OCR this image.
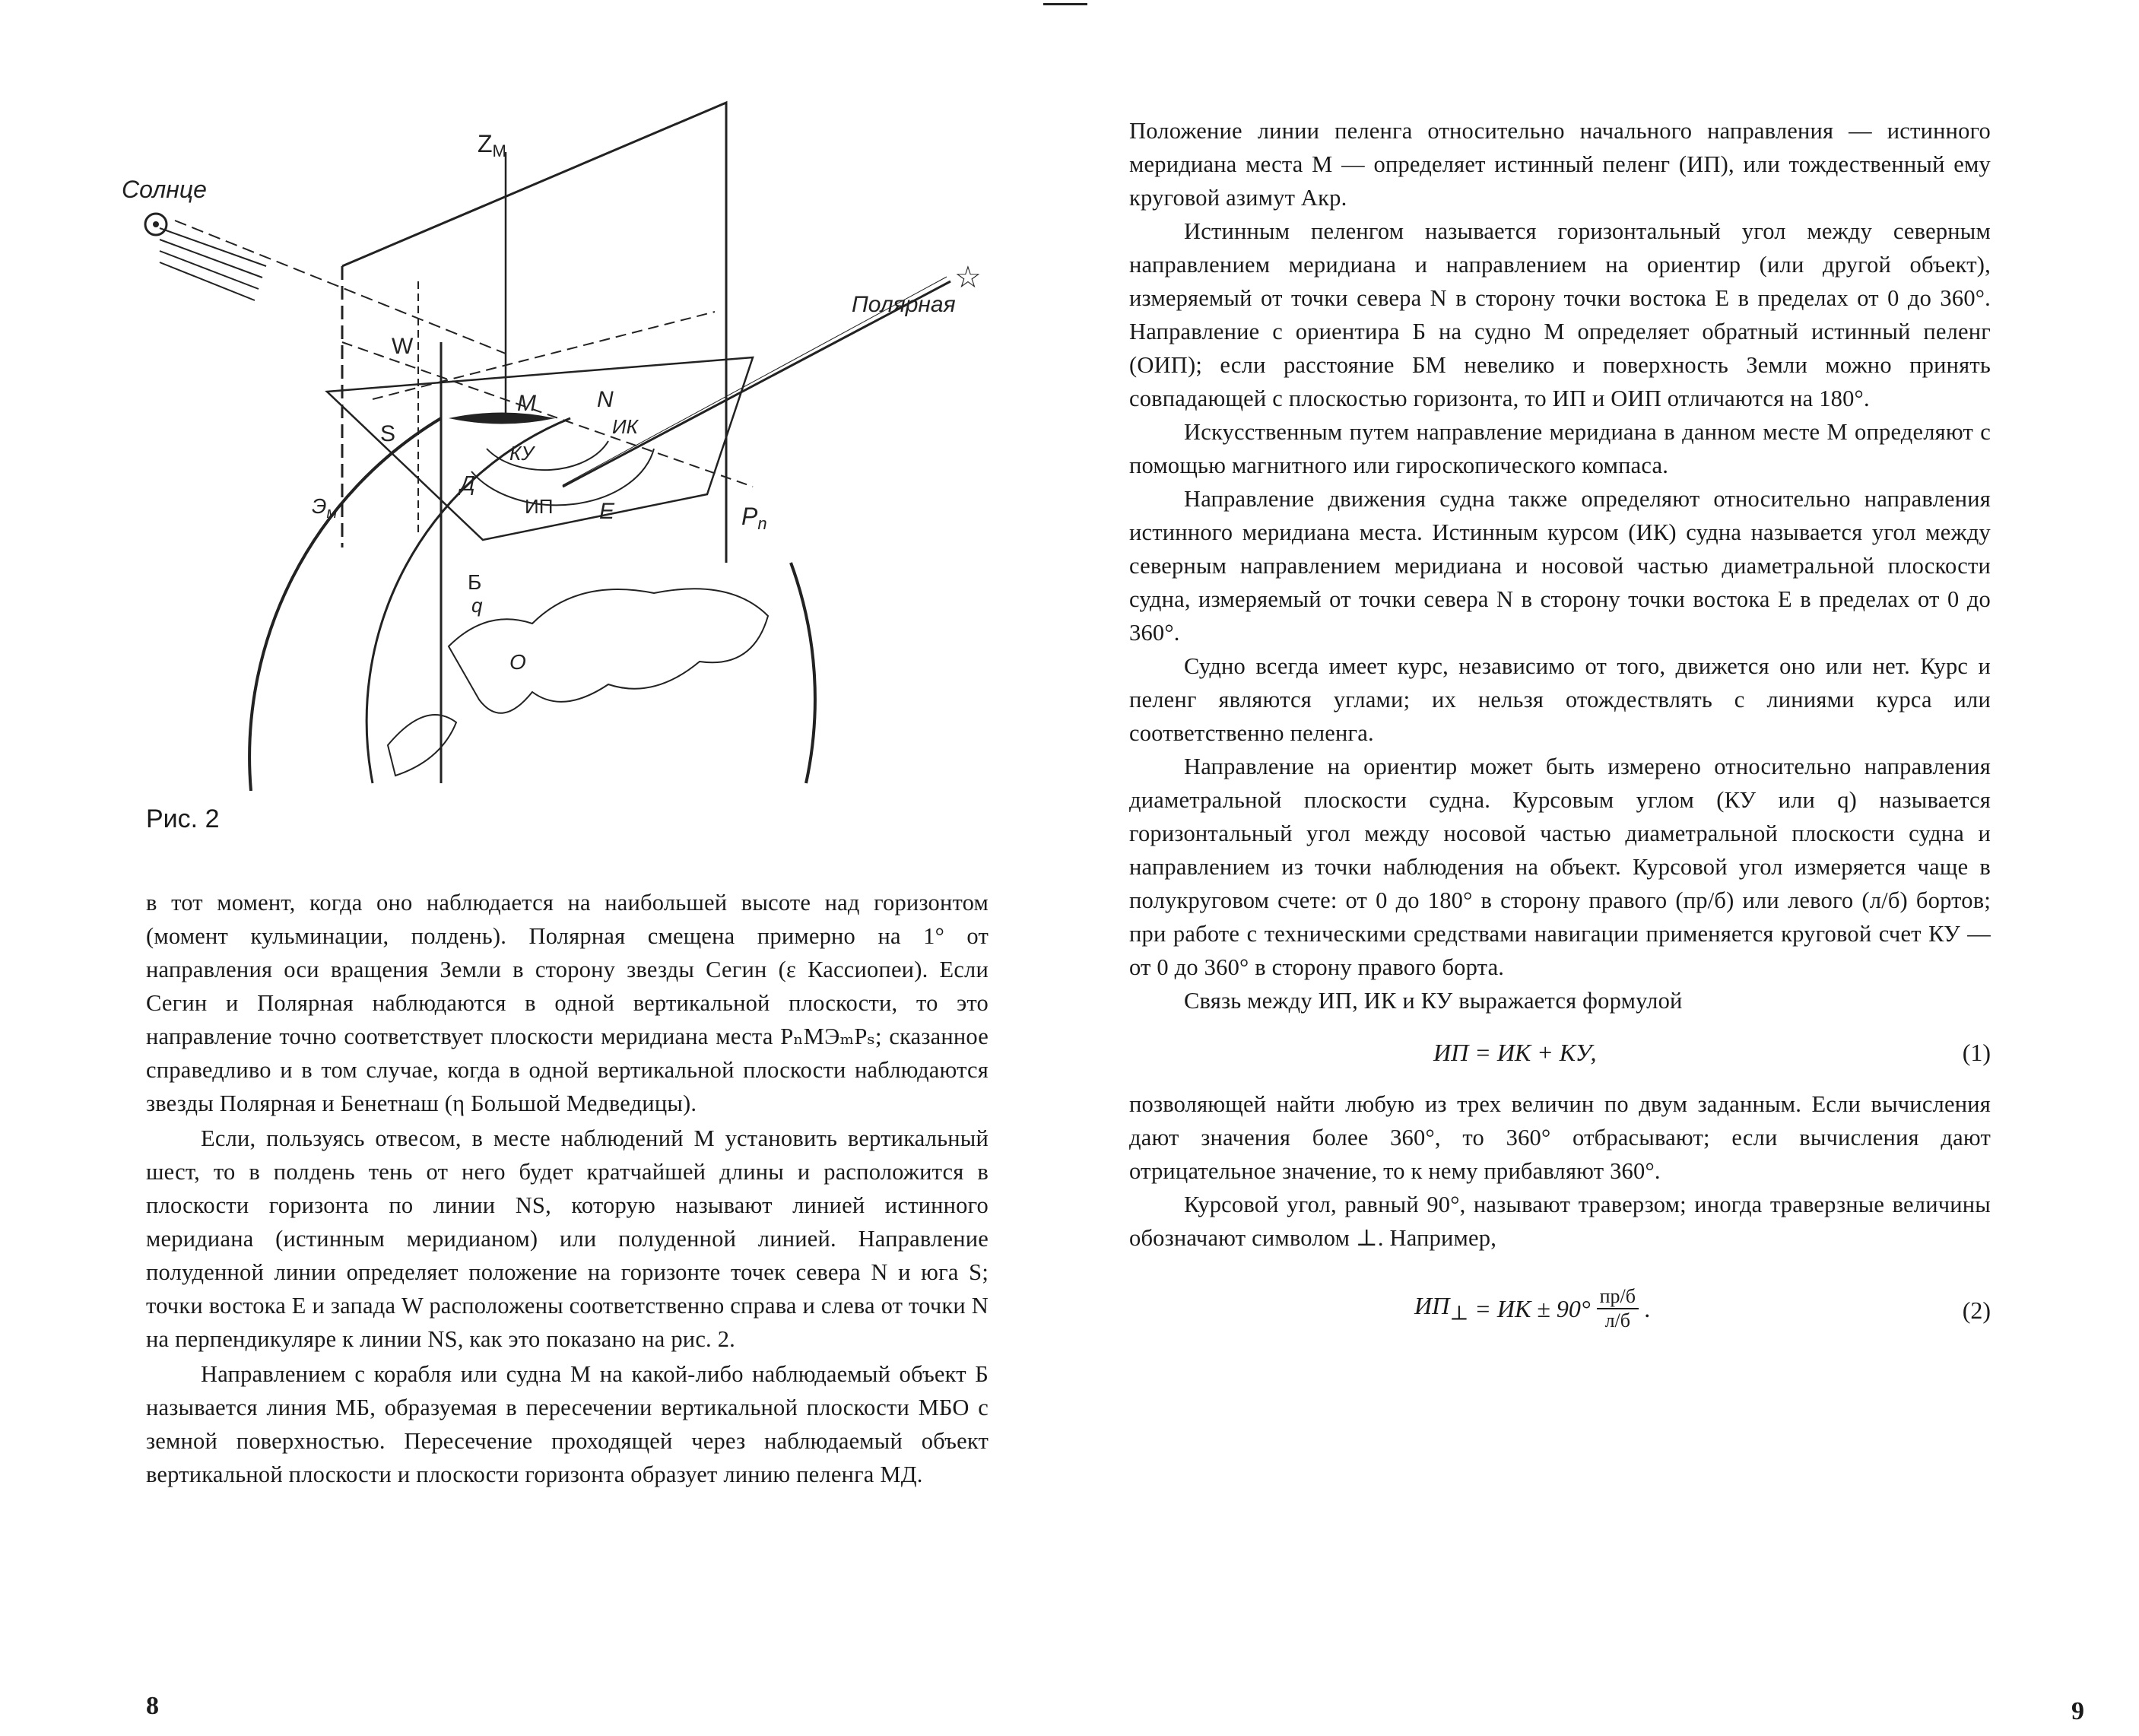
☆
Солнце
ZM
Полярная
W
M	N
S	ИК
КУ
Д
ИП E	Pn
$Э_м$
Б
q
O
Рис. 2

в тот момент, когда оно наблюдается на наибольшей высоте над горизонтом (момент кульминации, полдень). Полярная смещена примерно на 1° от направления оси вращения Земли в сторону звезды Сегин (ε Кассиопеи). Если Сегин и Полярная наблюдаются в одной вертикальной плоскости, то это направление точно соответствует плоскости меридиана места PₙMЭₘPₛ; сказанное справедливо и в том случае, когда в одной вертикальной плоскости наблюдаются звезды Полярная и Бенетнаш (η Большой Медведицы).

Если, пользуясь отвесом, в месте наблюдений М установить вертикальный шест, то в полдень тень от него будет кратчайшей длины и расположится в плоскости горизонта по линии NS, которую называют линией истинного меридиана (истинным меридианом) или полуденной линией. Направление полуденной линии определяет положение на горизонте точек севера N и юга S; точки востока E и запада W расположены соответственно справа и слева от точки N на перпендикуляре к линии NS, как это показано на рис. 2.

Направлением с корабля или судна М на какой-либо наблюдаемый объект Б называется линия МБ, образуемая в пересечении вертикальной плоскости МБО с земной поверхностью. Пересечение проходящей через наблюдаемый объект вертикальной плоскости и плоскости горизонта образует линию пеленга МД.

8

Положение линии пеленга относительно начального направления — истинного меридиана места М — определяет истинный пеленг (ИП), или тождественный ему круговой азимут Aкр.

Истинным пеленгом называется горизонтальный угол между северным направлением меридиана и направлением на ориентир (или другой объект), измеряемый от точки севера N в сторону точки востока E в пределах от 0 до 360°. Направление с ориентира Б на судно М определяет обратный истинный пеленг (ОИП); если расстояние БМ невелико и поверхность Земли можно принять совпадающей с плоскостью горизонта, то ИП и ОИП отличаются на 180°.

Искусственным путем направление меридиана в данном месте М определяют с помощью магнитного или гироскопического компаса.

Направление движения судна также определяют относительно направления истинного меридиана места. Истинным курсом (ИК) судна называется угол между северным направлением меридиана и носовой частью диаметральной плоскости судна, измеряемый от точки севера N в сторону точки востока E в пределах от 0 до 360°.

Судно всегда имеет курс, независимо от того, движется оно или нет. Курс и пеленг являются углами; их нельзя отождествлять с линиями курса или соответственно пеленга.

Направление на ориентир может быть измерено относительно направления диаметральной плоскости судна. Курсовым углом (КУ или q) называется горизонтальный угол между носовой частью диаметральной плоскости судна и направлением из точки наблюдения на объект. Курсовой угол измеряется чаще в полукруговом счете: от 0 до 180° в сторону правого (пр/б) или левого (л/б) бортов; при работе с техническими средствами навигации применяется круговой счет КУ — от 0 до 360° в сторону правого борта.

Связь между ИП, ИК и КУ выражается формулой

ИП = ИК + КУ,	(1)

позволяющей найти любую из трех величин по двум заданным. Если вычисления дают значения более 360°, то 360° отбрасывают; если вычисления дают отрицательное значение, то к нему прибавляют 360°.

Курсовой угол, равный 90°, называют траверзом; иногда траверзные величины обозначают символом ⊥. Например,

$ИП_\perp$ = ИК ± $90^\circ \frac{пр/б}{л/б}$ .	(2)
9
